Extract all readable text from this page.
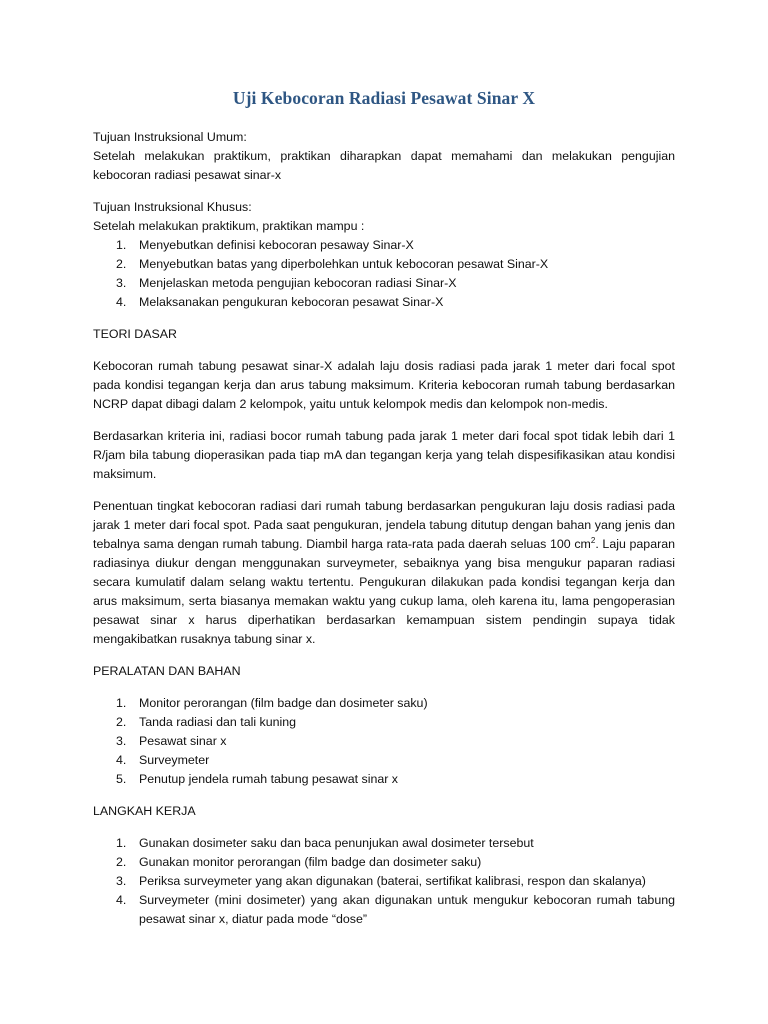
Uji Kebocoran Radiasi Pesawat Sinar X

Tujuan Instruksional Umum:

Setelah melakukan praktikum, praktikan diharapkan dapat memahami dan melakukan pengujian kebocoran radiasi pesawat sinar-x

Tujuan Instruksional Khusus:

Setelah melakukan praktikum, praktikan mampu :

1. Menyebutkan definisi kebocoran pesaway Sinar-X
2. Menyebutkan batas yang diperbolehkan untuk kebocoran pesawat Sinar-X
3. Menjelaskan metoda pengujian kebocoran radiasi Sinar-X
4. Melaksanakan pengukuran kebocoran pesawat Sinar-X

TEORI DASAR

Kebocoran rumah tabung pesawat sinar-X adalah laju dosis radiasi pada jarak 1 meter dari focal spot pada kondisi tegangan kerja dan arus tabung maksimum. Kriteria kebocoran rumah tabung berdasarkan NCRP dapat dibagi dalam 2 kelompok, yaitu untuk kelompok medis dan kelompok non-medis.

Berdasarkan kriteria ini, radiasi bocor rumah tabung pada jarak 1 meter dari focal spot tidak lebih dari 1 R/jam bila tabung dioperasikan pada tiap mA dan tegangan kerja yang telah dispesifikasikan atau kondisi maksimum.

Penentuan tingkat kebocoran radiasi dari rumah tabung berdasarkan pengukuran laju dosis radiasi pada jarak 1 meter dari focal spot. Pada saat pengukuran, jendela tabung ditutup dengan bahan yang jenis dan tebalnya sama dengan rumah tabung. Diambil harga rata-rata pada daerah seluas 100 $cm^2$. Laju paparan radiasinya diukur dengan menggunakan surveymeter, sebaiknya yang bisa mengukur paparan radiasi secara kumulatif dalam selang waktu tertentu. Pengukuran dilakukan pada kondisi tegangan kerja dan arus maksimum, serta biasanya memakan waktu yang cukup lama, oleh karena itu, lama pengoperasian pesawat sinar x harus diperhatikan berdasarkan kemampuan sistem pendingin supaya tidak mengakibatkan rusaknya tabung sinar x.

PERALATAN DAN BAHAN

1. Monitor perorangan (film badge dan dosimeter saku)
2. Tanda radiasi dan tali kuning
3. Pesawat sinar x
4. Surveymeter
5. Penutup jendela rumah tabung pesawat sinar x

LANGKAH KERJA

1. Gunakan dosimeter saku dan baca penunjukan awal dosimeter tersebut
2. Gunakan monitor perorangan (film badge dan dosimeter saku)
3. Periksa surveymeter yang akan digunakan (baterai, sertifikat kalibrasi, respon dan skalanya)
4. Surveymeter (mini dosimeter) yang akan digunakan untuk mengukur kebocoran rumah tabung pesawat sinar x, diatur pada mode “dose”
